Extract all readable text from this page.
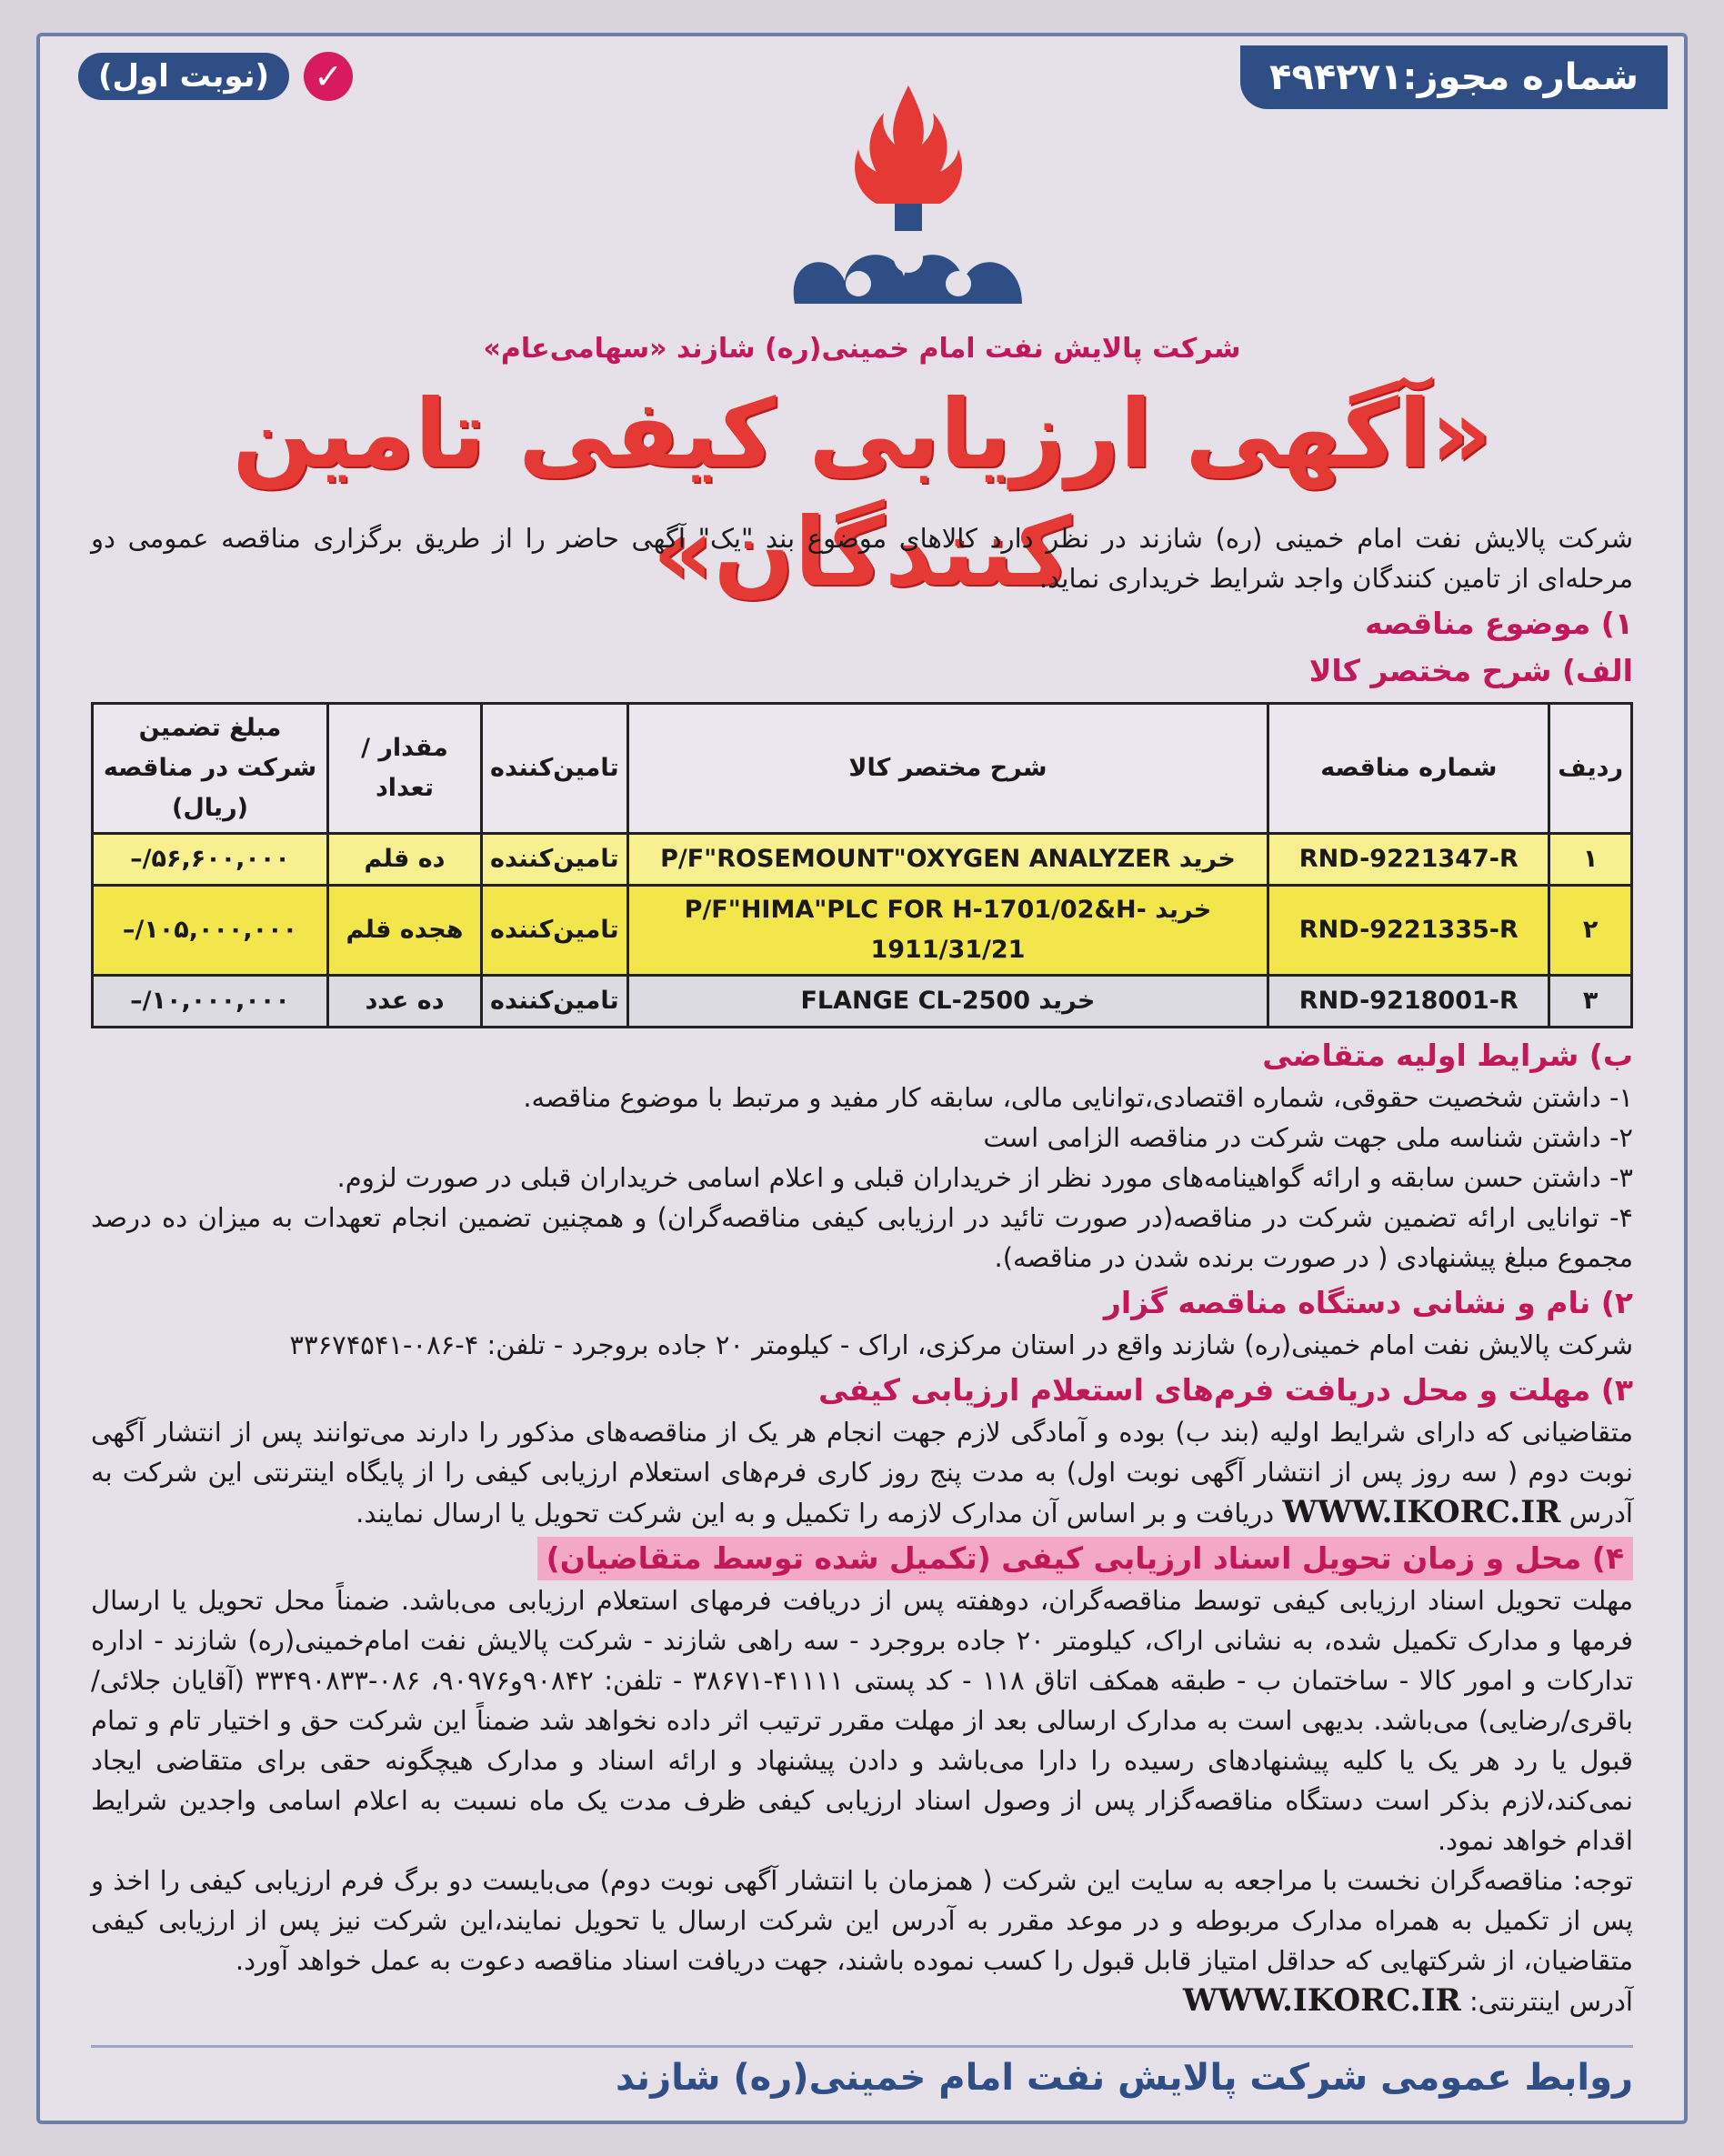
شماره مجوز:۴۹۴۲۷۱
✓
(نوبت اول)
شرکت پالایش نفت امام خمینی(ره) شازند «سهامی‌عام»
«آگهی ارزیابی کیفی تامین کنندگان»

شرکت پالایش نفت امام خمینی (ره) شازند در نظر دارد کالاهای موضوع بند "یک" آگهی حاضر را از طریق برگزاری مناقصه عمومی دو مرحله‌ای از تامین کنندگان واجد شرایط خریداری نماید.

۱) موضوع مناقصه
الف) شرح مختصر کالا
ردیف	شماره مناقصه	شرح مختصر کالا	تامین‌کننده	مقدار / تعداد	مبلغ تضمین شرکت در مناقصه (ریال)
۱	RND-9221347-R	خرید P/F"ROSEMOUNT"OXYGEN ANALYZER	تامین‌کننده	ده قلم	۵۶,۶۰۰,۰۰۰/–
۲	RND-9221335-R	خرید P/F"HIMA"PLC FOR H-1701/02&H-1911/31/21	تامین‌کننده	هجده قلم	۱۰۵,۰۰۰,۰۰۰/–
۳	RND-9218001-R	خرید FLANGE CL-2500	تامین‌کننده	ده عدد	۱۰,۰۰۰,۰۰۰/–
ب) شرایط اولیه متقاضی

۱- داشتن شخصیت حقوقی، شماره اقتصادی،توانایی مالی، سابقه کار مفید و مرتبط با موضوع مناقصه.

۲- داشتن شناسه ملی جهت شرکت در مناقصه الزامی است

۳- داشتن حسن سابقه و ارائه گواهینامه‌های مورد نظر از خریداران قبلی و اعلام اسامی خریداران قبلی در صورت لزوم.

۴- توانایی ارائه تضمین شرکت در مناقصه(در صورت تائید در ارزیابی کیفی مناقصه‌گران) و همچنین تضمین انجام تعهدات به میزان ده درصد مجموع مبلغ پیشنهادی ( در صورت برنده شدن در مناقصه).

۲) نام و نشانی دستگاه مناقصه گزار

شرکت پالایش نفت امام خمینی(ره) شازند واقع در استان مرکزی، اراک - کیلومتر ۲۰ جاده بروجرد - تلفن: ۴-۰۸۶-۳۳۶۷۴۵۴۱

۳) مهلت و محل دریافت فرم‌های استعلام ارزیابی کیفی

متقاضیانی که دارای شرایط اولیه (بند ب) بوده و آمادگی لازم جهت انجام هر یک از مناقصه‌های مذکور را دارند می‌توانند پس از انتشار آگهی نوبت دوم ( سه روز پس از انتشار آگهی نوبت اول) به مدت پنج روز کاری فرم‌های استعلام ارزیابی کیفی را از پایگاه اینترنتی این شرکت به آدرس WWW.IKORC.IR دریافت و بر اساس آن مدارک لازمه را تکمیل و به این شرکت تحویل یا ارسال نمایند.

۴) محل و زمان تحویل اسناد ارزیابی کیفی (تکمیل شده توسط متقاضیان)

مهلت تحویل اسناد ارزیابی کیفی توسط مناقصه‌گران، دوهفته پس از دریافت فرمهای استعلام ارزیابی می‌باشد. ضمناً محل تحویل یا ارسال فرمها و مدارک تکمیل شده، به نشانی اراک، کیلومتر ۲۰ جاده بروجرد - سه راهی شازند - شرکت پالایش نفت امام‌خمینی(ره) شازند - اداره تدارکات و امور کالا - ساختمان ب - طبقه همکف اتاق ۱۱۸ - کد پستی ۴۱۱۱۱-۳۸۶۷۱ - تلفن: ۹۰۸۴۲و۹۰۹۷۶، ۰۸۶-۳۳۴۹۰۸۳۳ (آقایان جلائی/باقری/رضایی) می‌باشد. بدیهی است به مدارک ارسالی بعد از مهلت مقرر ترتیب اثر داده نخواهد شد ضمناً این شرکت حق و اختیار تام و تمام قبول یا رد هر یک یا کلیه پیشنهادهای رسیده را دارا می‌باشد و دادن پیشنهاد و ارائه اسناد و مدارک هیچگونه حقی برای متقاضی ایجاد نمی‌کند،لازم بذکر است دستگاه مناقصه‌گزار پس از وصول اسناد ارزیابی کیفی ظرف مدت یک ماه نسبت به اعلام اسامی واجدین شرایط اقدام خواهد نمود.

توجه: مناقصه‌گران نخست با مراجعه به سایت این شرکت ( همزمان با انتشار آگهی نوبت دوم) می‌بایست دو برگ فرم ارزیابی کیفی را اخذ و پس از تکمیل به همراه مدارک مربوطه و در موعد مقرر به آدرس این شرکت ارسال یا تحویل نمایند،این شرکت نیز پس از ارزیابی کیفی متقاضیان، از شرکتهایی که حداقل امتیاز قابل قبول را کسب نموده باشند، جهت دریافت اسناد مناقصه دعوت به عمل خواهد آورد.

آدرس اینترنتی: WWW.IKORC.IR

روابط عمومی شرکت پالایش نفت امام خمینی(ره) شازند
